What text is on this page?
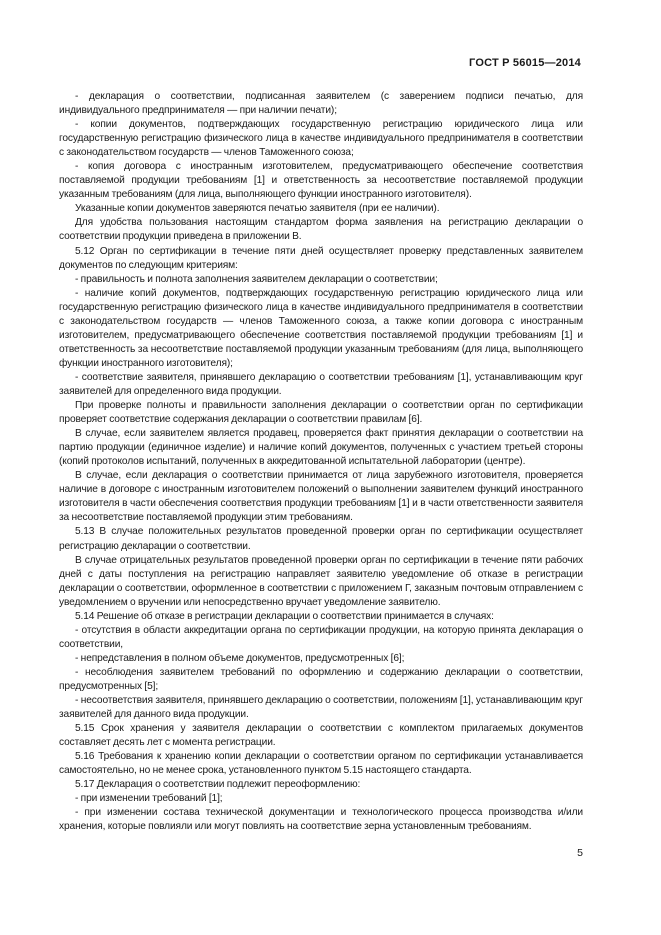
ГОСТ Р 56015—2014

- декларация о соответствии, подписанная заявителем (с заверением подписи печатью, для индивидуального предпринимателя — при наличии печати);

- копии документов, подтверждающих государственную регистрацию юридического лица или государственную регистрацию физического лица в качестве индивидуального предпринимателя в соответствии с законодательством государств — членов Таможенного союза;

- копия договора с иностранным изготовителем, предусматривающего обеспечение соответствия поставляемой продукции требованиям [1] и ответственность за несоответствие поставляемой продукции указанным требованиям (для лица, выполняющего функции иностранного изготовителя).

Указанные копии документов заверяются печатью заявителя (при ее наличии).

Для удобства пользования настоящим стандартом форма заявления на регистрацию декларации о соответствии продукции приведена в приложении В.

5.12 Орган по сертификации в течение пяти дней осуществляет проверку представленных заявителем документов по следующим критериям:

- правильность и полнота заполнения заявителем декларации о соответствии;

- наличие копий документов, подтверждающих государственную регистрацию юридического лица или государственную регистрацию физического лица в качестве индивидуального предпринимателя в соответствии с законодательством государств — членов Таможенного союза, а также копии договора с иностранным изготовителем, предусматривающего обеспечение соответствия поставляемой продукции требованиям [1] и ответственность за несоответствие поставляемой продукции указанным требованиям (для лица, выполняющего функции иностранного изготовителя);

- соответствие заявителя, принявшего декларацию о соответствии требованиям [1], устанавливающим круг заявителей для определенного вида продукции.

При проверке полноты и правильности заполнения декларации о соответствии орган по сертификации проверяет соответствие содержания декларации о соответствии правилам [6].

В случае, если заявителем является продавец, проверяется факт принятия декларации о соответствии на партию продукции (единичное изделие) и наличие копий документов, полученных с участием третьей стороны (копий протоколов испытаний, полученных в аккредитованной испытательной лаборатории (центре).

В случае, если декларация о соответствии принимается от лица зарубежного изготовителя, проверяется наличие в договоре с иностранным изготовителем положений о выполнении заявителем функций иностранного изготовителя в части обеспечения соответствия продукции требованиям [1] и в части ответственности заявителя за несоответствие поставляемой продукции этим требованиям.

5.13 В случае положительных результатов проведенной проверки орган по сертификации осуществляет регистрацию декларации о соответствии.

В случае отрицательных результатов проведенной проверки орган по сертификации в течение пяти рабочих дней с даты поступления на регистрацию направляет заявителю уведомление об отказе в регистрации декларации о соответствии, оформленное в соответствии с приложением Г, заказным почтовым отправлением с уведомлением о вручении или непосредственно вручает уведомление заявителю.

5.14 Решение об отказе в регистрации декларации о соответствии принимается в случаях:

- отсутствия в области аккредитации органа по сертификации продукции, на которую принята декларация о соответствии,

- непредставления в полном объеме документов, предусмотренных [6];

- несоблюдения заявителем требований по оформлению и содержанию декларации о соответствии, предусмотренных [5];

- несоответствия заявителя, принявшего декларацию о соответствии, положениям [1], устанавливающим круг заявителей для данного вида продукции.

5.15 Срок хранения у заявителя декларации о соответствии с комплектом прилагаемых документов составляет десять лет с момента регистрации.

5.16 Требования к хранению копии декларации о соответствии органом по сертификации устанавливается самостоятельно, но не менее срока, установленного пунктом 5.15 настоящего стандарта.

5.17 Декларация о соответствии подлежит переоформлению:

- при изменении требований [1];

- при изменении состава технической документации и технологического процесса производства и/или хранения, которые повлияли или могут повлиять на соответствие зерна установленным требованиям.

5
